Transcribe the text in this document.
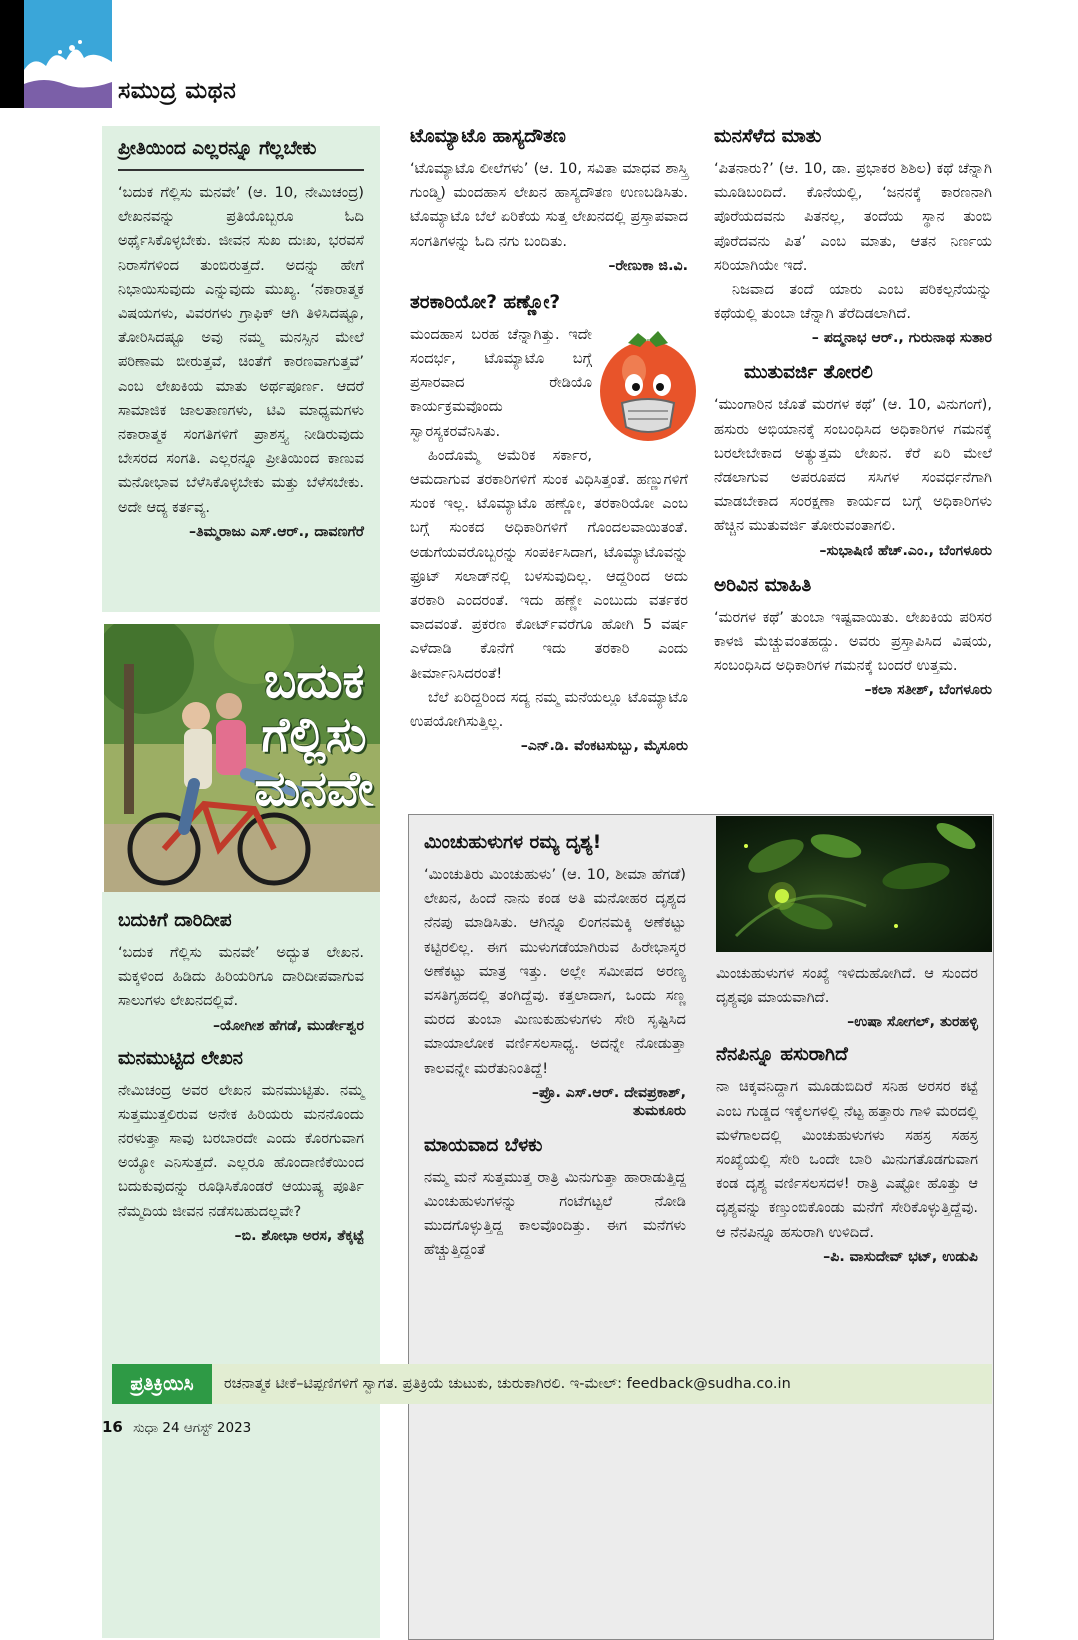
ಸಮುದ್ರ ಮಥನ
ಪ್ರೀತಿಯಿಂದ ಎಲ್ಲರನ್ನೂ ಗೆಲ್ಲಬೇಕು
‘ಬದುಕ ಗೆಲ್ಲಿಸು ಮನವೇ’ (ಆ. 10, ನೇಮಿಚಂದ್ರ) ಲೇಖನವನ್ನು ಪ್ರತಿಯೊಬ್ಬರೂ ಓದಿ ಅರ್ಥೈಸಿಕೊಳ್ಳಬೇಕು. ಜೀವನ ಸುಖ ದುಃಖ, ಭರವಸೆ ನಿರಾಸೆಗಳಿಂದ ತುಂಬಿರುತ್ತದೆ. ಅದನ್ನು ಹೇಗೆ ನಿಭಾಯಿಸುವುದು ಎನ್ನುವುದು ಮುಖ್ಯ. ‘ನಕಾರಾತ್ಮಕ ವಿಷಯಗಳು, ವಿವರಗಳು ಗ್ರಾಫಿಕ್ ಆಗಿ ತಿಳಿಸಿದಷ್ಟೂ, ತೋರಿಸಿದಷ್ಟೂ ಅವು ನಮ್ಮ ಮನಸ್ಸಿನ ಮೇಲೆ ಪರಿಣಾಮ ಬೀರುತ್ತವೆ, ಚಿಂತೆಗೆ ಕಾರಣವಾಗುತ್ತವೆ’ ಎಂಬ ಲೇಖಕಿಯ ಮಾತು ಅರ್ಥಪೂರ್ಣ. ಆದರೆ ಸಾಮಾಜಿಕ ಜಾಲತಾಣಗಳು, ಟಿವಿ ಮಾಧ್ಯಮಗಳು ನಕಾರಾತ್ಮಕ ಸಂಗತಿಗಳಿಗೆ ಪ್ರಾಶಸ್ತ್ಯ ನೀಡಿರುವುದು ಬೇಸರದ ಸಂಗತಿ. ಎಲ್ಲರನ್ನೂ ಪ್ರೀತಿಯಿಂದ ಕಾಣುವ ಮನೋಭಾವ ಬೆಳೆಸಿಕೊಳ್ಳಬೇಕು ಮತ್ತು ಬೆಳೆಸಬೇಕು. ಅದೇ ಆದ್ಯ ಕರ್ತವ್ಯ.
–ತಿಮ್ಮರಾಜು ಎಸ್.ಆರ್., ದಾವಣಗೆರೆ
ಬದುಕ
ಗೆಲ್ಲಿಸು
ಮನವೇ
ಬದುಕಿಗೆ ದಾರಿದೀಪ
‘ಬದುಕ ಗೆಲ್ಲಿಸು ಮನವೇ’ ಅದ್ಭುತ ಲೇಖನ. ಮಕ್ಕಳಿಂದ ಹಿಡಿದು ಹಿರಿಯರಿಗೂ ದಾರಿದೀಪವಾಗುವ ಸಾಲುಗಳು ಲೇಖನದಲ್ಲಿವೆ.
–ಯೋಗೀಶ ಹೆಗಡೆ, ಮುರ್ಡೇಶ್ವರ
ಮನಮುಟ್ಟಿದ ಲೇಖನ
ನೇಮಿಚಂದ್ರ ಅವರ ಲೇಖನ ಮನಮುಟ್ಟಿತು. ನಮ್ಮ ಸುತ್ತಮುತ್ತಲಿರುವ ಅನೇಕ ಹಿರಿಯರು ಮನನೊಂದು ನರಳುತ್ತಾ ಸಾವು ಬರಬಾರದೇ ಎಂದು ಕೊರಗುವಾಗ ಅಯ್ಯೋ ಎನಿಸುತ್ತದೆ. ಎಲ್ಲರೂ ಹೊಂದಾಣಿಕೆಯಿಂದ ಬದುಕುವುದನ್ನು ರೂಢಿಸಿಕೊಂಡರೆ ಆಯುಷ್ಯ ಪೂರ್ತಿ ನೆಮ್ಮದಿಯ ಜೀವನ ನಡೆಸಬಹುದಲ್ಲವೇ?
–ಬಿ. ಶೋಭಾ ಅರಸ, ತೆಕ್ಕಟ್ಟೆ
ಟೊಮ್ಯಾಟೊ ಹಾಸ್ಯದೌತಣ
‘ಟೊಮ್ಯಾಟೊ ಲೀಲೆಗಳು’ (ಆ. 10, ಸವಿತಾ ಮಾಧವ ಶಾಸ್ತ್ರಿ ಗುಂಡ್ಮಿ) ಮಂದಹಾಸ ಲೇಖನ ಹಾಸ್ಯದೌತಣ ಉಣಬಡಿಸಿತು. ಟೊಮ್ಯಾಟೊ ಬೆಲೆ ಏರಿಕೆಯ ಸುತ್ತ ಲೇಖನದಲ್ಲಿ ಪ್ರಸ್ತಾಪವಾದ ಸಂಗತಿಗಳನ್ನು ಓದಿ ನಗು ಬಂದಿತು.
–ರೇಣುಕಾ ಜಿ.ವಿ.
ತರಕಾರಿಯೋ? ಹಣ್ಣೋ?
ಮಂದಹಾಸ ಬರಹ ಚೆನ್ನಾಗಿತ್ತು. ಇದೇ ಸಂದರ್ಭ, ಟೊಮ್ಯಾಟೊ ಬಗ್ಗೆ ಪ್ರಸಾರವಾದ ರೇಡಿಯೊ ಕಾರ್ಯಕ್ರಮವೊಂದು ಸ್ವಾರಸ್ಯಕರವೆನಿಸಿತು.
ಹಿಂದೊಮ್ಮೆ ಅಮೆರಿಕ ಸರ್ಕಾರ, ಆಮದಾಗುವ ತರಕಾರಿಗಳಿಗೆ ಸುಂಕ ವಿಧಿಸಿತ್ತಂತೆ. ಹಣ್ಣುಗಳಿಗೆ ಸುಂಕ ಇಲ್ಲ. ಟೊಮ್ಯಾಟೊ ಹಣ್ಣೋ, ತರಕಾರಿಯೋ ಎಂಬ ಬಗ್ಗೆ ಸುಂಕದ ಅಧಿಕಾರಿಗಳಿಗೆ ಗೊಂದಲವಾಯಿತಂತೆ. ಅಡುಗೆಯವರೊಬ್ಬರನ್ನು ಸಂಪರ್ಕಿಸಿದಾಗ, ಟೊಮ್ಯಾಟೊವನ್ನು ಫ್ರೂಟ್ ಸಲಾಡ್‌ನಲ್ಲಿ ಬಳಸುವುದಿಲ್ಲ. ಆದ್ದರಿಂದ ಅದು ತರಕಾರಿ ಎಂದರಂತೆ. ಇದು ಹಣ್ಣೇ ಎಂಬುದು ವರ್ತಕರ ವಾದವಂತೆ. ಪ್ರಕರಣ ಕೋರ್ಟ್‌ವರೆಗೂ ಹೋಗಿ 5 ವರ್ಷ ಎಳೆದಾಡಿ ಕೊನೆಗೆ ಇದು ತರಕಾರಿ ಎಂದು ತೀರ್ಮಾನಿಸಿದರಂತೆ!
ಬೆಲೆ ಏರಿದ್ದರಿಂದ ಸದ್ಯ ನಮ್ಮ ಮನೆಯಲ್ಲೂ ಟೊಮ್ಯಾಟೊ ಉಪಯೋಗಿಸುತ್ತಿಲ್ಲ.
–ಎನ್.ಡಿ. ವೆಂಕಟಸುಬ್ಬು, ಮೈಸೂರು
ಮನಸೆಳೆದ ಮಾತು
‘ಪಿತನಾರು?’ (ಆ. 10, ಡಾ. ಪ್ರಭಾಕರ ಶಿಶಿಲ) ಕಥೆ ಚೆನ್ನಾಗಿ ಮೂಡಿಬಂದಿದೆ. ಕೊನೆಯಲ್ಲಿ, ‘ಜನನಕ್ಕೆ ಕಾರಣನಾಗಿ ಪೊರೆಯದವನು ಪಿತನಲ್ಲ, ತಂದೆಯ ಸ್ಥಾನ ತುಂಬಿ ಪೊರೆದವನು ಪಿತ’ ಎಂಬ ಮಾತು, ಆತನ ನಿರ್ಣಯ ಸರಿಯಾಗಿಯೇ ಇದೆ.
ನಿಜವಾದ ತಂದೆ ಯಾರು ಎಂಬ ಪರಿಕಲ್ಪನೆಯನ್ನು ಕಥೆಯಲ್ಲಿ ತುಂಬಾ ಚೆನ್ನಾಗಿ ತೆರೆದಿಡಲಾಗಿದೆ.
– ಪದ್ಮನಾಭ ಆರ್., ಗುರುನಾಥ ಸುತಾರ
ಮುತುವರ್ಜಿ ತೋರಲಿ
‘ಮುಂಗಾರಿನ ಜೊತೆ ಮರಗಳ ಕಥೆ’ (ಆ. 10, ವಿನುಗಂಗೆ), ಹಸುರು ಅಭಿಯಾನಕ್ಕೆ ಸಂಬಂಧಿಸಿದ ಅಧಿಕಾರಿಗಳ ಗಮನಕ್ಕೆ ಬರಲೇಬೇಕಾದ ಅತ್ಯುತ್ತಮ ಲೇಖನ. ಕೆರೆ ಏರಿ ಮೇಲೆ ನೆಡಲಾಗುವ ಅಪರೂಪದ ಸಸಿಗಳ ಸಂವರ್ಧನೆಗಾಗಿ ಮಾಡಬೇಕಾದ ಸಂರಕ್ಷಣಾ ಕಾರ್ಯದ ಬಗ್ಗೆ ಅಧಿಕಾರಿಗಳು ಹೆಚ್ಚಿನ ಮುತುವರ್ಜಿ ತೋರುವಂತಾಗಲಿ.
–ಸುಭಾಷಿಣಿ ಹೆಚ್.ಎಂ., ಬೆಂಗಳೂರು
ಅರಿವಿನ ಮಾಹಿತಿ
‘ಮರಗಳ ಕಥೆ’ ತುಂಬಾ ಇಷ್ಟವಾಯಿತು. ಲೇಖಕಿಯ ಪರಿಸರ ಕಾಳಜಿ ಮೆಚ್ಚುವಂತಹದ್ದು. ಅವರು ಪ್ರಸ್ತಾಪಿಸಿದ ವಿಷಯ, ಸಂಬಂಧಿಸಿದ ಅಧಿಕಾರಿಗಳ ಗಮನಕ್ಕೆ ಬಂದರೆ ಉತ್ತಮ.
–ಕಲಾ ಸತೀಶ್, ಬೆಂಗಳೂರು
ಮಿಂಚುಹುಳುಗಳ ರಮ್ಯ ದೃಶ್ಯ!
‘ಮಿಂಚುತಿರು ಮಿಂಚುಹುಳು’ (ಆ. 10, ಶೀಮಾ ಹೆಗಡೆ) ಲೇಖನ, ಹಿಂದೆ ನಾನು ಕಂಡ ಅತಿ ಮನೋಹರ ದೃಶ್ಯದ ನೆನಪು ಮಾಡಿಸಿತು. ಆಗಿನ್ನೂ ಲಿಂಗನಮಕ್ಕಿ ಅಣೆಕಟ್ಟು ಕಟ್ಟಿರಲಿಲ್ಲ. ಈಗ ಮುಳುಗಡೆಯಾಗಿರುವ ಹಿರೇಭಾಸ್ಕರ ಅಣೆಕಟ್ಟು ಮಾತ್ರ ಇತ್ತು. ಅಲ್ಲೇ ಸಮೀಪದ ಅರಣ್ಯ ವಸತಿಗೃಹದಲ್ಲಿ ತಂಗಿದ್ದೆವು. ಕತ್ತಲಾದಾಗ, ಒಂದು ಸಣ್ಣ ಮರದ ತುಂಬಾ ಮಿಣುಕುಹುಳುಗಳು ಸೇರಿ ಸೃಷ್ಟಿಸಿದ ಮಾಯಾಲೋಕ ವರ್ಣಿಸಲಸಾಧ್ಯ. ಅದನ್ನೇ ನೋಡುತ್ತಾ ಕಾಲವನ್ನೇ ಮರೆತುನಿಂತಿದ್ದೆ!
–ಪ್ರೊ. ಎಸ್.ಆರ್. ದೇವಪ್ರಕಾಶ್,
ತುಮಕೂರು
ಮಾಯವಾದ ಬೆಳಕು
ನಮ್ಮ ಮನೆ ಸುತ್ತಮುತ್ತ ರಾತ್ರಿ ಮಿನುಗುತ್ತಾ ಹಾರಾಡುತ್ತಿದ್ದ ಮಿಂಚುಹುಳುಗಳನ್ನು ಗಂಟೆಗಟ್ಟಲೆ ನೋಡಿ ಮುದಗೊಳ್ಳುತ್ತಿದ್ದ ಕಾಲವೊಂದಿತ್ತು. ಈಗ ಮನೆಗಳು ಹೆಚ್ಚುತ್ತಿದ್ದಂತೆ
ಮಿಂಚುಹುಳುಗಳ ಸಂಖ್ಯೆ ಇಳಿದುಹೋಗಿದೆ. ಆ ಸುಂದರ ದೃಶ್ಯವೂ ಮಾಯವಾಗಿದೆ.
–ಉಷಾ ಸೋಗಲ್, ತುರಹಳ್ಳಿ
ನೆನಪಿನ್ನೂ ಹಸುರಾಗಿದೆ
ನಾ ಚಿಕ್ಕವನಿದ್ದಾಗ ಮೂಡುಬಿದಿರೆ ಸನಿಹ ಅರಸರ ಕಟ್ಟೆ ಎಂಬ ಗುಡ್ಡದ ಇಕ್ಕೆಲಗಳಲ್ಲಿ ನೆಟ್ಟ ಹತ್ತಾರು ಗಾಳಿ ಮರದಲ್ಲಿ ಮಳೆಗಾಲದಲ್ಲಿ ಮಿಂಚುಹುಳುಗಳು ಸಹಸ್ರ ಸಹಸ್ರ ಸಂಖ್ಯೆಯಲ್ಲಿ ಸೇರಿ ಒಂದೇ ಬಾರಿ ಮಿನುಗತೊಡಗುವಾಗ ಕಂಡ ದೃಶ್ಯ ವರ್ಣಿಸಲಸದಳ! ರಾತ್ರಿ ಎಷ್ಟೋ ಹೊತ್ತು ಆ ದೃಶ್ಯವನ್ನು ಕಣ್ತುಂಬಿಕೊಂಡು ಮನೆಗೆ ಸೇರಿಕೊಳ್ಳುತ್ತಿದ್ದೆವು. ಆ ನೆನಪಿನ್ನೂ ಹಸುರಾಗಿ ಉಳಿದಿದೆ.
–ಪಿ. ವಾಸುದೇವ್ ಭಟ್, ಉಡುಪಿ
ಪ್ರತಿಕ್ರಿಯಿಸಿ	ರಚನಾತ್ಮಕ ಟೀಕೆ–ಟಿಪ್ಪಣಿಗಳಿಗೆ ಸ್ವಾಗತ. ಪ್ರತಿಕ್ರಿಯೆ ಚುಟುಕು, ಚುರುಕಾಗಿರಲಿ. ಇ-ಮೇಲ್: feedback@sudha.co.in
16 ಸುಧಾ 24 ಆಗಸ್ಟ್ 2023
